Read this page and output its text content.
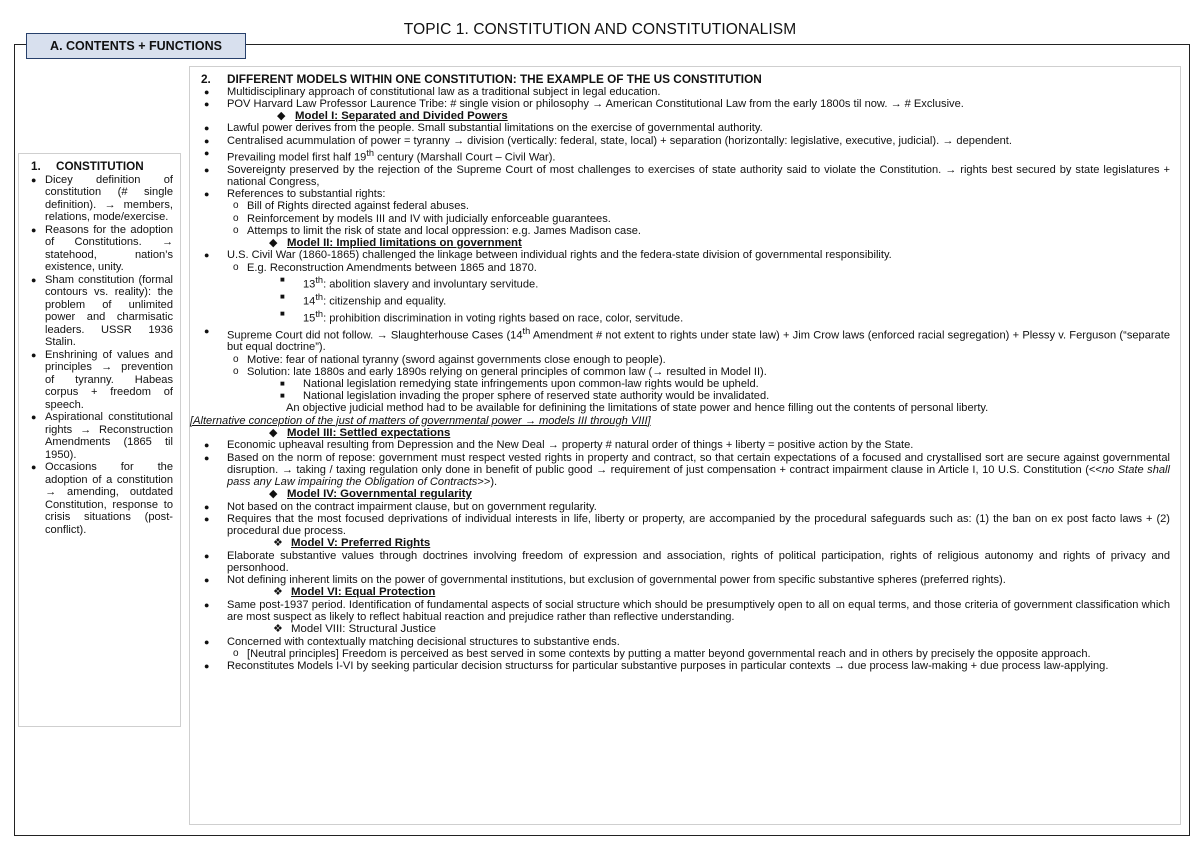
TOPIC 1. CONSTITUTION AND CONSTITUTIONALISM
A. CONTENTS + FUNCTIONS
1.	CONSTITUTION
● Dicey definition of constitution (# single definition). → members, relations, mode/exercise.
● Reasons for the adoption of Constitutions. → statehood, nation’s existence, unity.
● Sham constitution (formal contours vs. reality): the problem of unlimited power and charmisatic leaders. USSR 1936 Stalin.
● Enshrining of values and principles → prevention of tyranny. Habeas corpus + freedom of speech.
● Aspirational constitutional rights → Reconstruction Amendments (1865 til 1950).
● Occasions for the adoption of a constitution → amending, outdated Constitution, response to crisis situations (post-conflict).
2.	DIFFERENT MODELS WITHIN ONE CONSTITUTION: THE EXAMPLE OF THE US CONSTITUTION
●	Multidisciplinary approach of constitutional law as a traditional subject in legal education.
●	POV Harvard Law Professor Laurence Tribe: # single vision or philosophy → American Constitutional Law from the early 1800s til now. → # Exclusive.
◆ Model I: Separated and Divided Powers
●	Lawful power derives from the people. Small substantial limitations on the exercise of governmental authority.
●	Centralised acummulation of power = tyranny → division (vertically: federal, state, local) + separation (horizontally: legislative, executive, judicial). → dependent.
●	Prevailing model first half 19th century (Marshall Court – Civil War).
●	Sovereignty preserved by the rejection of the Supreme Court of most challenges to exercises of state authority said to violate the Constitution. → rights best secured by state legislatures + national Congress,
●	References to substantial rights:
o Bill of Rights directed against federal abuses.
o Reinforcement by models III and IV with judicially enforceable guarantees.
o Attemps to limit the risk of state and local oppression: e.g. James Madison case.
◆ Model II: Implied limitations on government
●	U.S. Civil War (1860-1865) challenged the linkage between individual rights and the federa-state division of governmental responsibility.
o E.g. Reconstruction Amendments between 1865 and 1870.
■	13th: abolition slavery and involuntary servitude.
■	14th: citizenship and equality.
■	15th: prohibition discrimination in voting rights based on race, color, servitude.
●	Supreme Court did not follow. → Slaughterhouse Cases (14th Amendment # not extent to rights under state law) + Jim Crow laws (enforced racial segregation) + Plessy v. Ferguson (“separate but equal doctrine”).
o Motive: fear of national tyranny (sword against governments close enough to people).
o Solution: late 1880s and early 1890s relying on general principles of common law (→ resulted in Model II).
■	National legislation remedying state infringements upon common-law rights would be upheld.
■	National legislation invading the proper sphere of reserved state authority would be invalidated.
An objective judicial method had to be available for definining the limitations of state power and hence filling out the contents of personal liberty.
[Alternative conception of the just of matters of governmental power → models III through VIII]
◆ Model III: Settled expectations
●	Economic upheaval resulting from Depression and the New Deal → property # natural order of things + liberty = positive action by the State.
●	Based on the norm of repose: government must respect vested rights in property and contract, so that certain expectations of a focused and crystallised sort are secure against governmental disruption. → taking / taxing regulation only done in benefit of public good → requirement of just compensation + contract impairment clause in Article I, 10 U.S. Constitution (<<no State shall pass any Law impairing the Obligation of Contracts>>).
◆ Model IV: Governmental regularity
●	Not based on the contract impairment clause, but on government regularity.
●	Requires that the most focused deprivations of individual interests in life, liberty or property, are accompanied by the procedural safeguards such as: (1) the ban on ex post facto laws + (2) procedural due process.
❖ Model V: Preferred Rights
●	Elaborate substantive values through doctrines involving freedom of expression and association, rights of political participation, rights of religious autonomy and rights of privacy and personhood.
●	Not defining inherent limits on the power of governmental institutions, but exclusion of governmental power from specific substantive spheres (preferred rights).
❖ Model VI: Equal Protection
●	Same post-1937 period. Identification of fundamental aspects of social structure which should be presumptively open to all on equal terms, and those criteria of government classification which are most suspect as likely to reflect habitual reaction and prejudice rather than reflective understanding.
❖ Model VIII: Structural Justice
●	Concerned with contextually matching decisional structures to substantive ends.
o [Neutral principles] Freedom is perceived as best served in some contexts by putting a matter beyond governmental reach and in others by precisely the opposite approach.
●	Reconstitutes Models I-VI by seeking particular decision structurss for particular substantive purposes in particular contexts → due process law-making + due process law-applying.
